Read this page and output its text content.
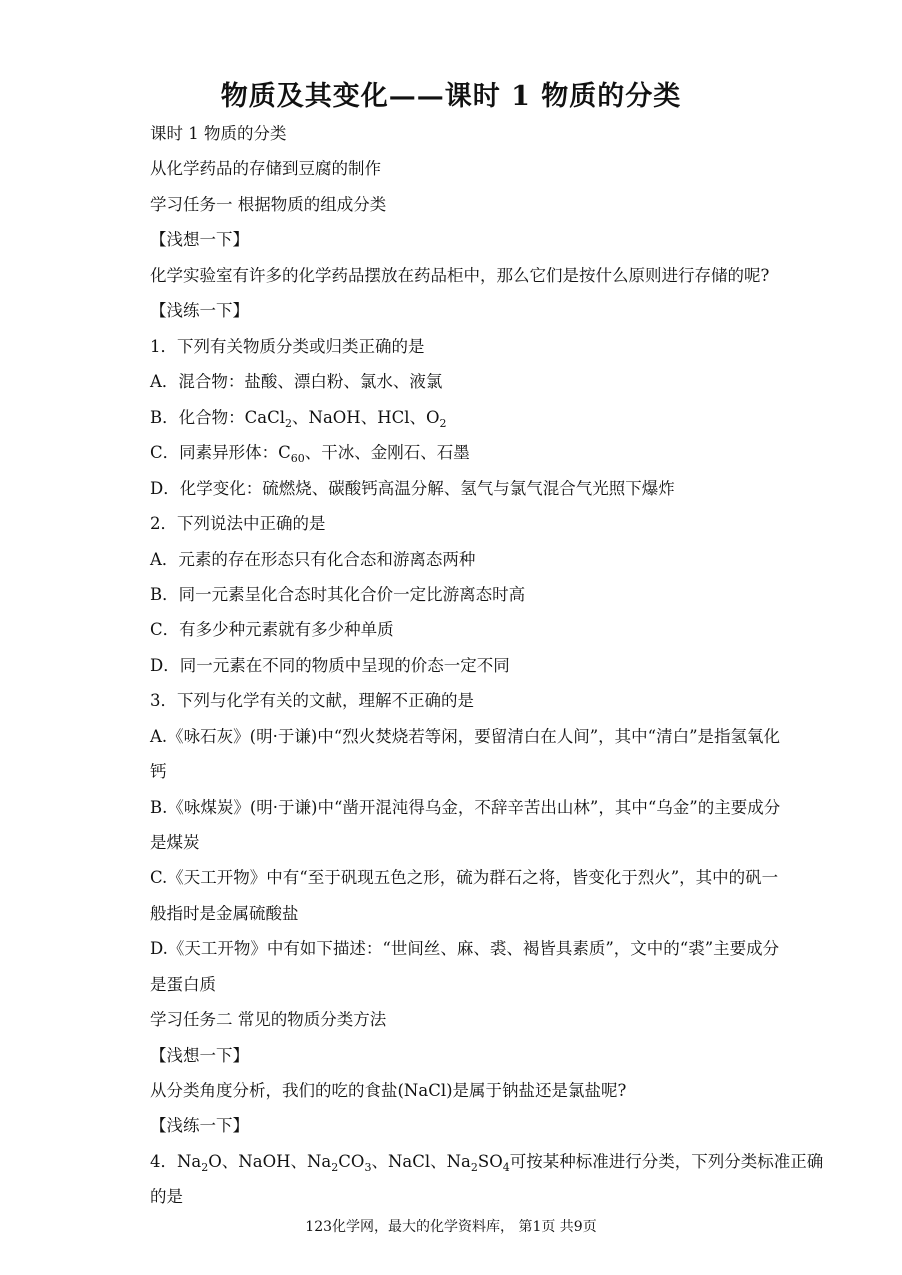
物质及其变化——课时 1 物质的分类
课时 1 物质的分类
从化学药品的存储到豆腐的制作
学习任务一 根据物质的组成分类
【浅想一下】
化学实验室有许多的化学药品摆放在药品柜中，那么它们是按什么原则进行存储的呢?
【浅练一下】
1．下列有关物质分类或归类正确的是
A．混合物：盐酸、漂白粉、氯水、液氯
B．化合物：CaCl$_2$、NaOH、HCl、$O_2$
C．同素异形体：$C_{60}$、干冰、金刚石、石墨
D．化学变化：硫燃烧、碳酸钙高温分解、氢气与氯气混合气光照下爆炸
2．下列说法中正确的是
A．元素的存在形态只有化合态和游离态两种
B．同一元素呈化合态时其化合价一定比游离态时高
C．有多少种元素就有多少种单质
D．同一元素在不同的物质中呈现的价态一定不同
3．下列与化学有关的文献，理解不正确的是
A.《咏石灰》(明·于谦)中“烈火焚烧若等闲，要留清白在人间”，其中“清白”是指氢氧化
钙
B.《咏煤炭》(明·于谦)中“凿开混沌得乌金，不辞辛苦出山林”，其中“乌金”的主要成分
是煤炭
C.《天工开物》中有“至于矾现五色之形，硫为群石之将，皆变化于烈火”，其中的矾一
般指时是金属硫酸盐
D.《天工开物》中有如下描述：“世间丝、麻、裘、褐皆具素质”，文中的“裘”主要成分
是蛋白质
学习任务二 常见的物质分类方法
【浅想一下】
从分类角度分析，我们的吃的食盐(NaCl)是属于钠盐还是氯盐呢?
【浅练一下】
4．$Na_2O$、NaOH、$Na_2CO_3$、NaCl、$Na_2SO_4$可按某种标准进行分类，下列分类标准正确
的是
123化学网，最大的化学资料库， 第1页 共9页
